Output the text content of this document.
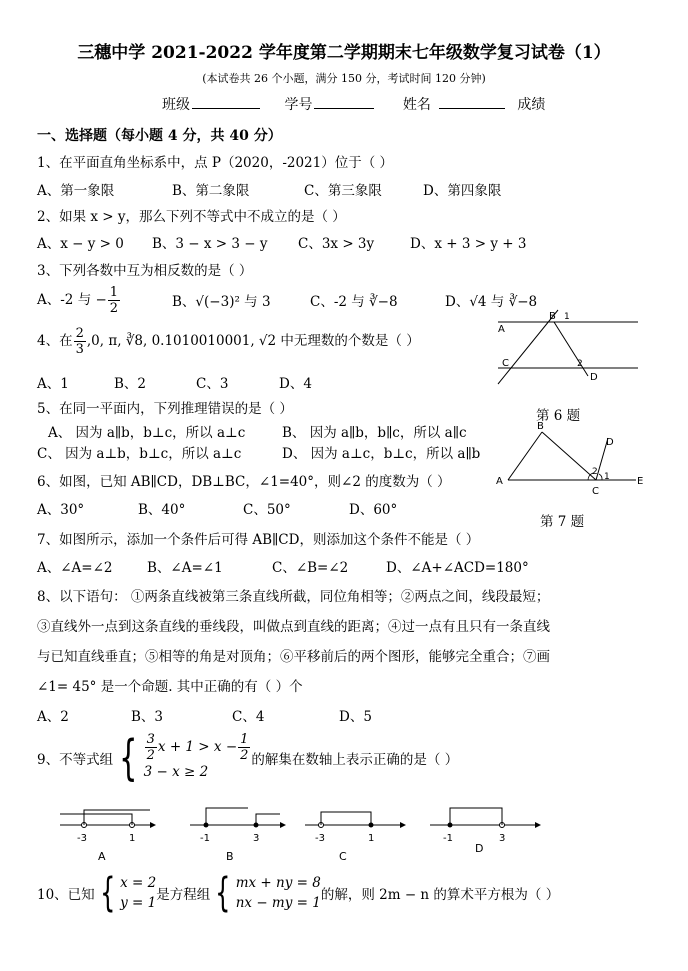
三穗中学 2021-2022 学年度第二学期期末七年级数学复习试卷（1）
(本试卷共 26 个小题，满分 150 分，考试时间 120 分钟)
班级	学号	姓名	成绩
一、选择题（每小题 4 分，共 40 分）
1、在平面直角坐标系中，点 P（2020，-2021）位于（ ）
A、第一象限	B、第二象限	C、第三象限	D、第四象限
2、如果 x > y，那么下列不等式中不成立的是（ ）
A、x − y > 0 B、3 − x > 3 − y C、3x > 3y	D、x + 3 > y + 3
3、下列各数中互为相反数的是（ ）
A、-2 与 − $\frac{1}{2}$	B、√(−3)² 与 3	C、-2 与 ∛−8	D、√4 与 ∛−8
4、在 $\frac{2}{3} ,0$, π, ∛8, 0.1010010001, √2 中无理数的个数是（ ）
A、1	B、2	C、3	D、4
A
B 1
C	2
D
第 6 题
5、在同一平面内，下列推理错误的是（ ）
A、 因为 a∥b，b⊥c，所以 a⊥c	B、 因为 a∥b，b∥c，所以 a∥c
C、 因为 a⊥b，b⊥c，所以 a⊥c	D、 因为 a⊥c，b⊥c，所以 a∥b
A
B
C
D
E
1
2
第 7 题
6、如图，已知 AB∥CD，DB⊥BC，∠1=40°，则∠2 的度数为（ ）
A、30°	B、40°	C、50°	D、60°
7、如图所示，添加一个条件后可得 AB∥CD，则添加这个条件不能是（ ）
A、∠A=∠2	B、∠A=∠1	C、∠B=∠2	D、∠A+∠ACD=180°
8、以下语句： ①两条直线被第三条直线所截，同位角相等；②两点之间，线段最短；
③直线外一点到这条直线的垂线段，叫做点到直线的距离；④过一点有且只有一条直线
与已知直线垂直；⑤相等的角是对顶角；⑥平移前后的两个图形，能够完全重合；⑦画
∠1= 45° 是一个命题. 其中正确的有（ ）个
A、2	B、3	C、4	D、5
9、不等式组 { $\frac{3}{2}$ $x + 1 > x - \frac{1}{2}$
3 − x ≥ 2
的解集在数轴上表示正确的是（ ）
-3	1
A
-1	3
B
-3	1
C
-1	3
D
10、已知 { x = 2
y = 1 是方程组 { mx + ny = 8
nx − my = 1 的解，则 2m − n 的算术平方根为（ ）
